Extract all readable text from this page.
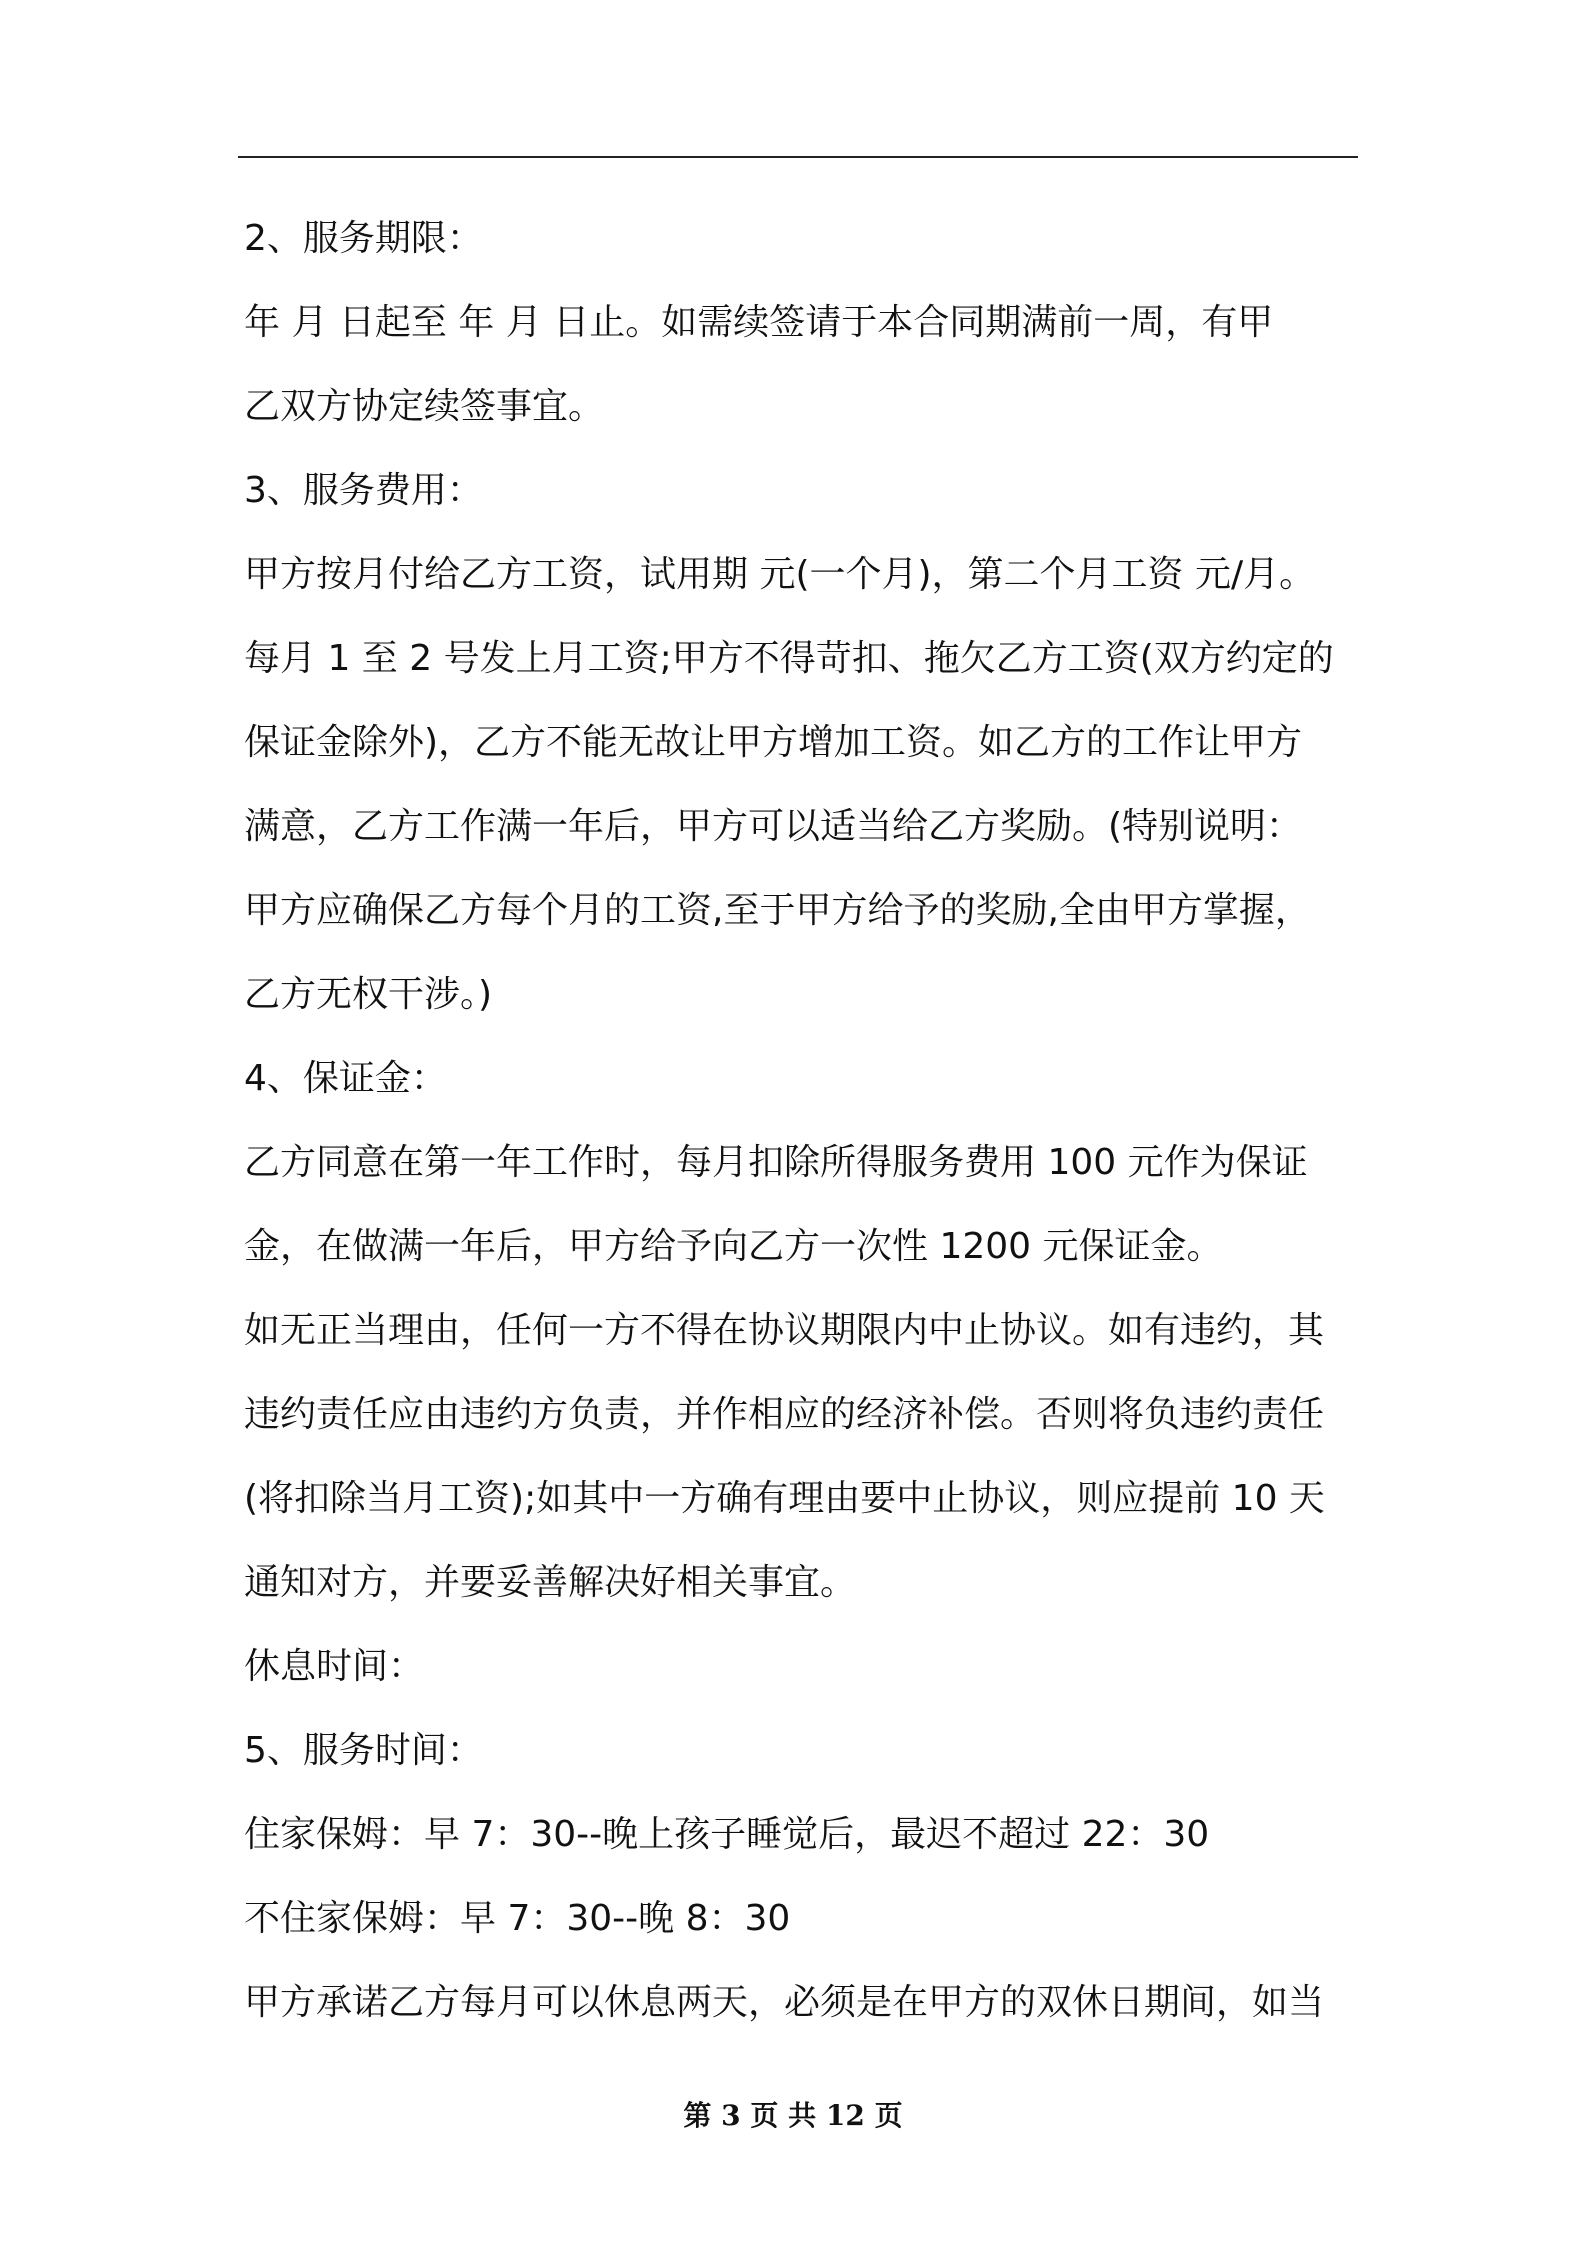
2、服务期限：
年 月 日起至 年 月 日止。如需续签请于本合同期满前一周，有甲
乙双方协定续签事宜。
3、服务费用：
甲方按月付给乙方工资，试用期 元(一个月)，第二个月工资 元/月。
每月 1 至 2 号发上月工资;甲方不得苛扣、拖欠乙方工资(双方约定的
保证金除外)，乙方不能无故让甲方增加工资。如乙方的工作让甲方
满意，乙方工作满一年后，甲方可以适当给乙方奖励。(特别说明：
甲方应确保乙方每个月的工资,至于甲方给予的奖励,全由甲方掌握，
乙方无权干涉。)
4、保证金：
乙方同意在第一年工作时，每月扣除所得服务费用 100 元作为保证
金，在做满一年后，甲方给予向乙方一次性 1200 元保证金。
如无正当理由，任何一方不得在协议期限内中止协议。如有违约，其
违约责任应由违约方负责，并作相应的经济补偿。否则将负违约责任
(将扣除当月工资);如其中一方确有理由要中止协议，则应提前 10 天
通知对方，并要妥善解决好相关事宜。
休息时间：
5、服务时间：
住家保姆：早 7：30--晚上孩子睡觉后，最迟不超过 22：30
不住家保姆：早 7：30--晚 8：30
甲方承诺乙方每月可以休息两天，必须是在甲方的双休日期间，如当
第 3 页 共 12 页
